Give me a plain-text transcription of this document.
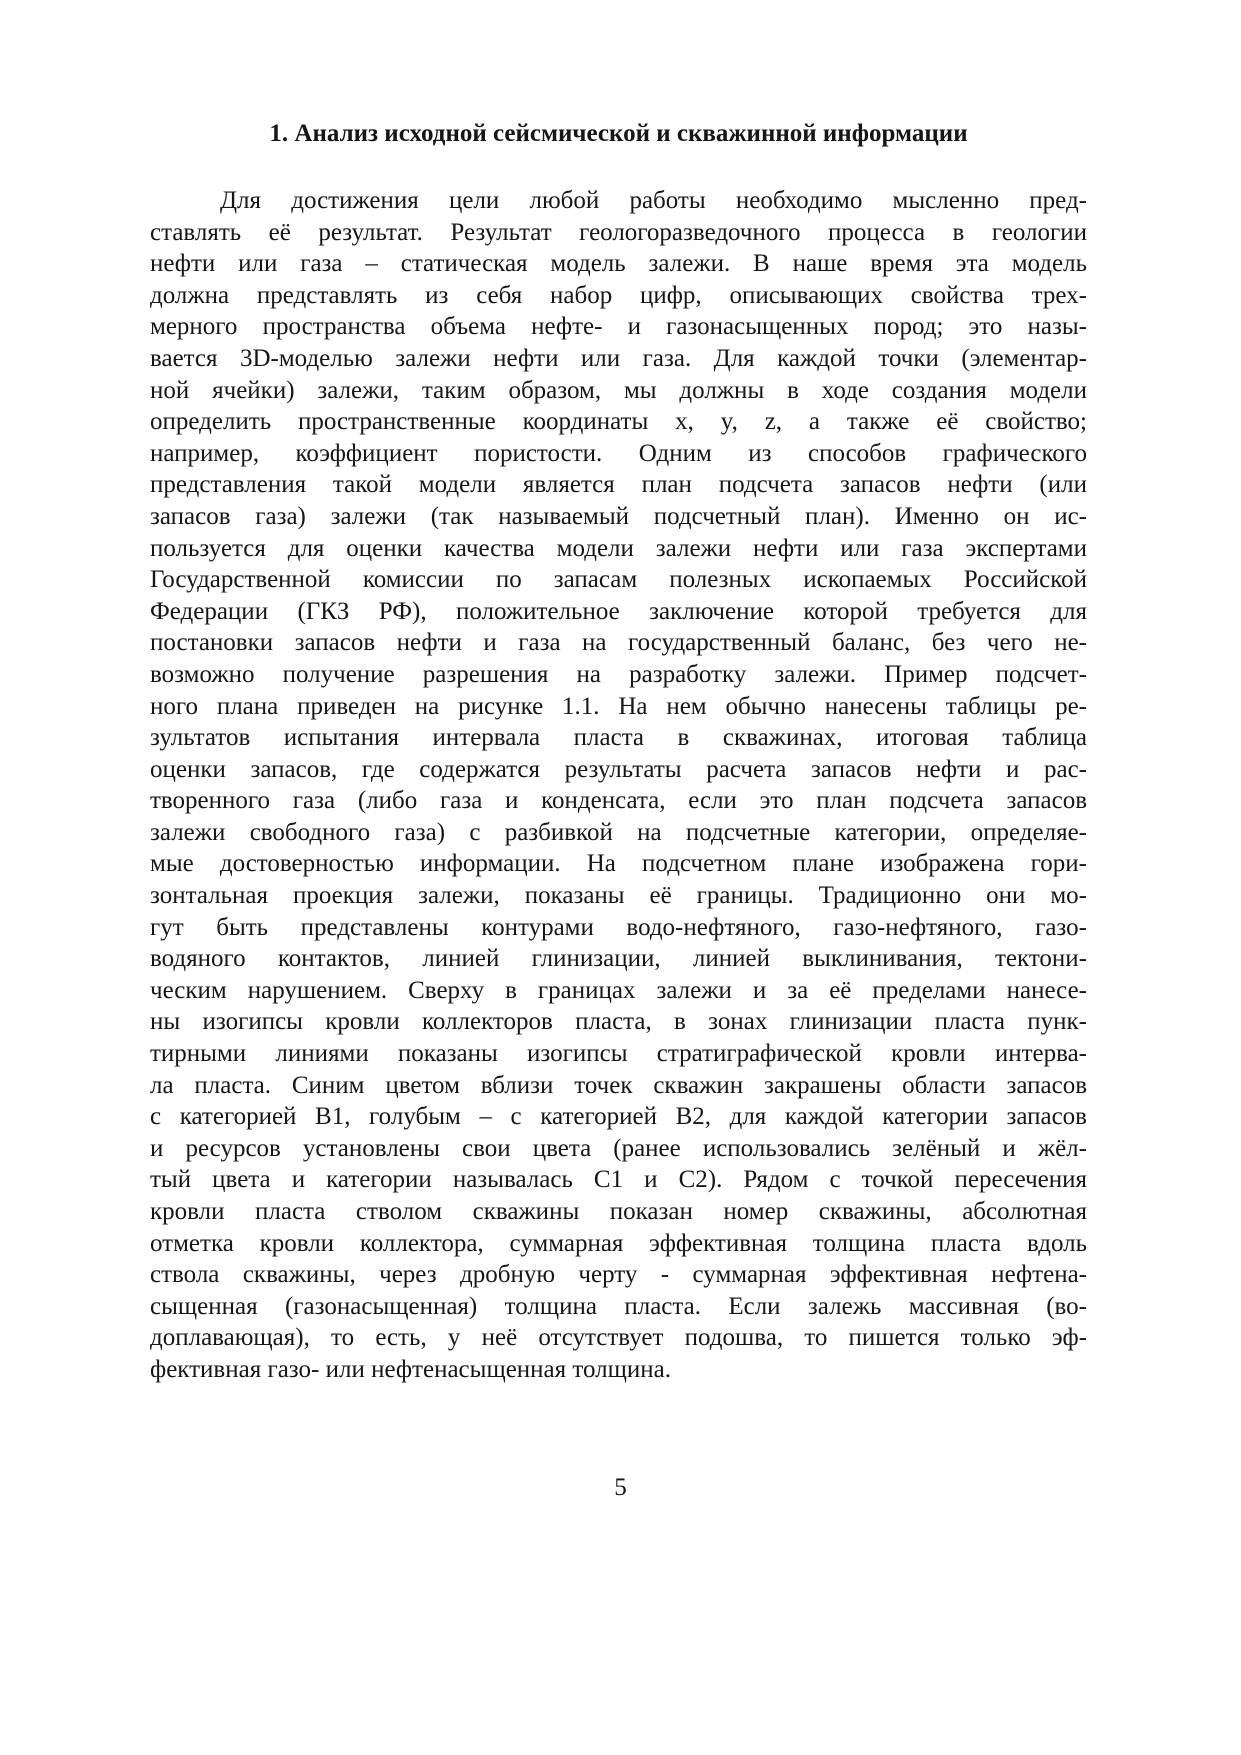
1. Анализ исходной сейсмической и скважинной информации
Для достижения цели любой работы необходимо мысленно пред-
ставлять её результат. Результат геологоразведочного процесса в геологии
нефти или газа – статическая модель залежи. В наше время эта модель
должна представлять из себя набор цифр, описывающих свойства трех-
мерного пространства объема нефте- и газонасыщенных пород; это назы-
вается 3D-моделью залежи нефти или газа. Для каждой точки (элементар-
ной ячейки) залежи, таким образом, мы должны в ходе создания модели
определить пространственные координаты x, y, z, а также её свойство;
например, коэффициент пористости. Одним из способов графического
представления такой модели является план подсчета запасов нефти (или
запасов газа) залежи (так называемый подсчетный план). Именно он ис-
пользуется для оценки качества модели залежи нефти или газа экспертами
Государственной комиссии по запасам полезных ископаемых Российской
Федерации (ГКЗ РФ), положительное заключение которой требуется для
постановки запасов нефти и газа на государственный баланс, без чего не-
возможно получение разрешения на разработку залежи. Пример подсчет-
ного плана приведен на рисунке 1.1. На нем обычно нанесены таблицы ре-
зультатов испытания интервала пласта в скважинах, итоговая таблица
оценки запасов, где содержатся результаты расчета запасов нефти и рас-
творенного газа (либо газа и конденсата, если это план подсчета запасов
залежи свободного газа) с разбивкой на подсчетные категории, определяе-
мые достоверностью информации. На подсчетном плане изображена гори-
зонтальная проекция залежи, показаны её границы. Традиционно они мо-
гут быть представлены контурами водо-нефтяного, газо-нефтяного, газо-
водяного контактов, линией глинизации, линией выклинивания, тектони-
ческим нарушением. Сверху в границах залежи и за её пределами нанесе-
ны изогипсы кровли коллекторов пласта, в зонах глинизации пласта пунк-
тирными линиями показаны изогипсы стратиграфической кровли интерва-
ла пласта. Синим цветом вблизи точек скважин закрашены области запасов
с категорией B1, голубым – с категорией B2, для каждой категории запасов
и ресурсов установлены свои цвета (ранее использовались зелёный и жёл-
тый цвета и категории называлась C1 и C2). Рядом с точкой пересечения
кровли пласта стволом скважины показан номер скважины, абсолютная
отметка кровли коллектора, суммарная эффективная толщина пласта вдоль
ствола скважины, через дробную черту - суммарная эффективная нефтена-
сыщенная (газонасыщенная) толщина пласта. Если залежь массивная (во-
доплавающая), то есть, у неё отсутствует подошва, то пишется только эф-
фективная газо- или нефтенасыщенная толщина.
5
